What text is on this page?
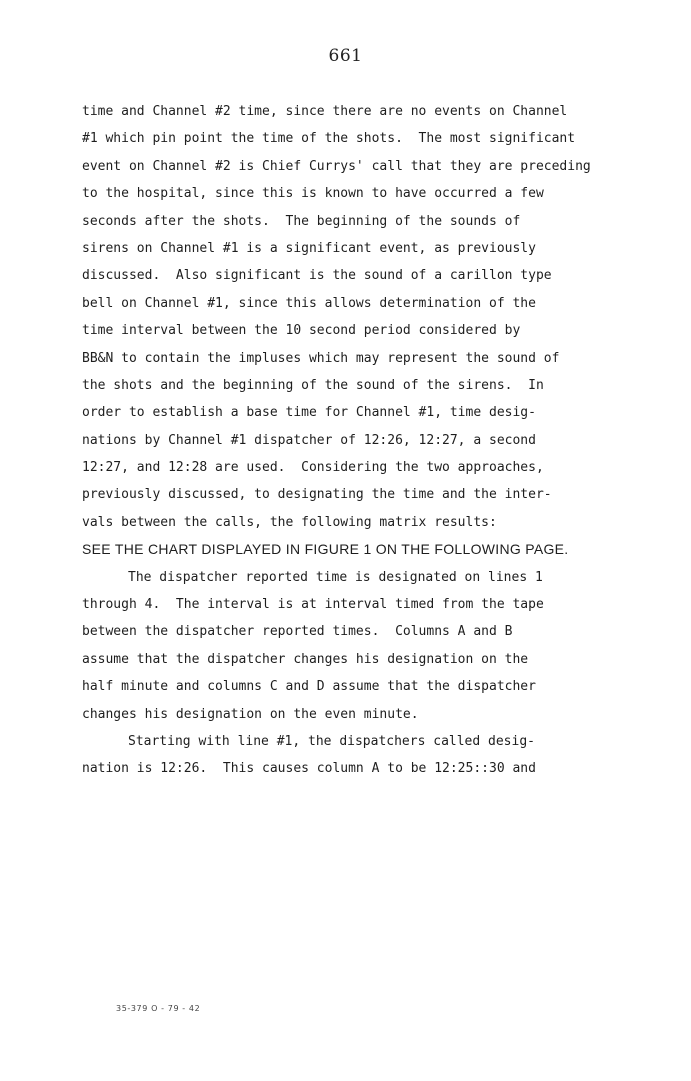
661
time and Channel #2 time, since there are no events on Channel
#1 which pin point the time of the shots.  The most significant
event on Channel #2 is Chief Currys' call that they are preceding
to the hospital, since this is known to have occurred a few
seconds after the shots.  The beginning of the sounds of
sirens on Channel #1 is a significant event, as previously
discussed.  Also significant is the sound of a carillon type
bell on Channel #1, since this allows determination of the
time interval between the 10 second period considered by
BB&N to contain the impluses which may represent the sound of
the shots and the beginning of the sound of the sirens.  In
order to establish a base time for Channel #1, time desig-
nations by Channel #1 dispatcher of 12:26, 12:27, a second
12:27, and 12:28 are used.  Considering the two approaches,
previously discussed, to designating the time and the inter-
vals between the calls, the following matrix results:
SEE THE CHART DISPLAYED IN FIGURE 1 ON THE FOLLOWING PAGE.
The dispatcher reported time is designated on lines 1
through 4.  The interval is at interval timed from the tape
between the dispatcher reported times.  Columns A and B
assume that the dispatcher changes his designation on the
half minute and columns C and D assume that the dispatcher
changes his designation on the even minute.
Starting with line #1, the dispatchers called desig-
nation is 12:26.  This causes column A to be 12:25::30 and
35-379 O - 79 - 42
